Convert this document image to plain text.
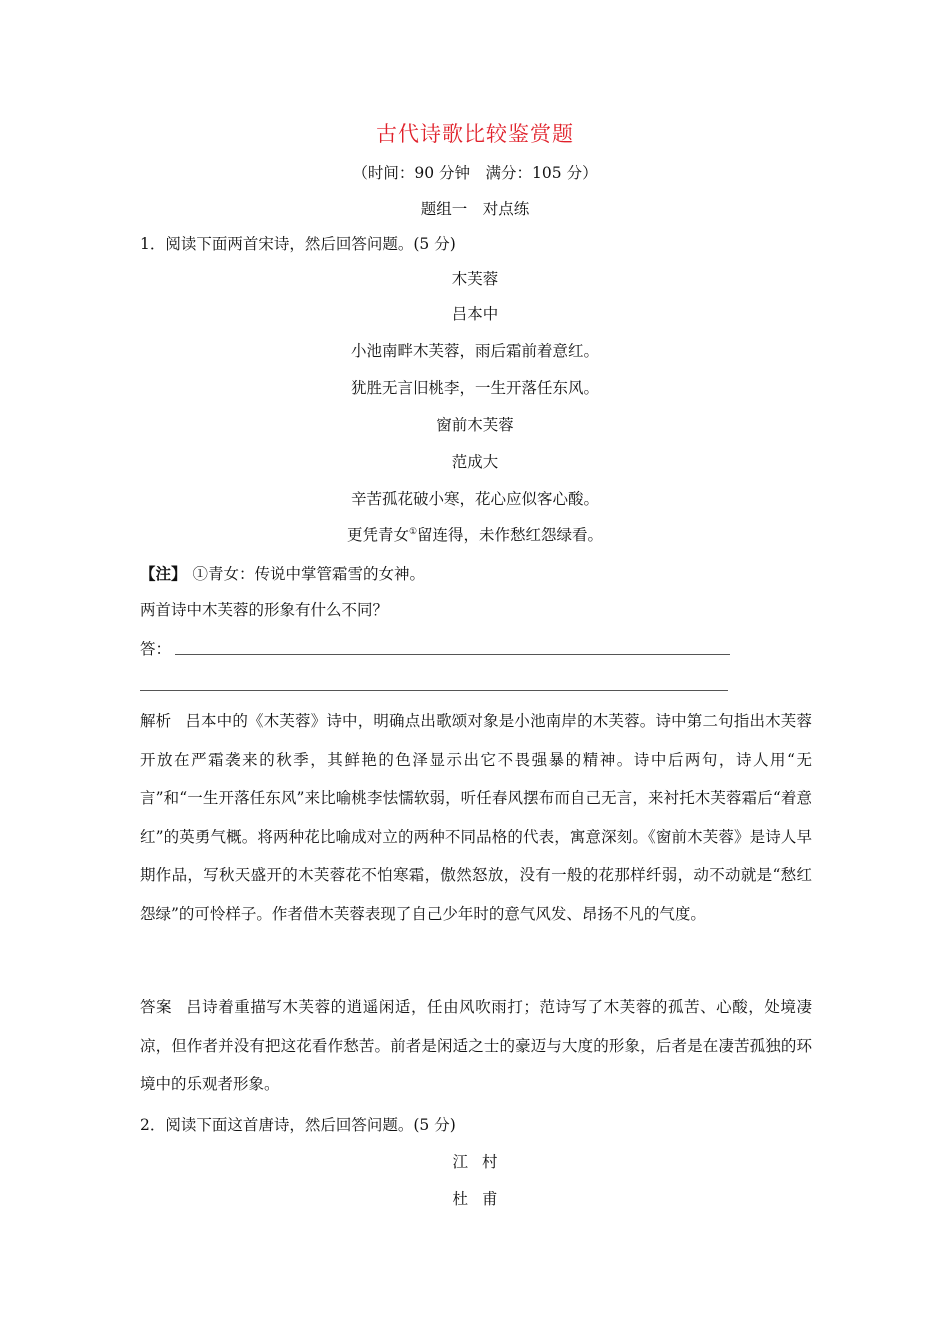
古代诗歌比较鉴赏题
（时间：90 分钟　满分：105 分）
题组一　对点练
1．阅读下面两首宋诗，然后回答问题。(5 分)
木芙蓉
吕本中
小池南畔木芙蓉，雨后霜前着意红。
犹胜无言旧桃李，一生开落任东风。
窗前木芙蓉
范成大
辛苦孤花破小寒，花心应似客心酸。
更凭青女①留连得，未作愁红怨绿看。
【注】 ①青女：传说中掌管霜雪的女神。
两首诗中木芙蓉的形象有什么不同？
答：
解析 吕本中的《木芙蓉》诗中，明确点出歌颂对象是小池南岸的木芙蓉。诗中第二句指出木芙蓉开放在严霜袭来的秋季，其鲜艳的色泽显示出它不畏强暴的精神。诗中后两句，诗人用“无言”和“一生开落任东风”来比喻桃李怯懦软弱，听任春风摆布而自己无言，来衬托木芙蓉霜后“着意红”的英勇气概。将两种花比喻成对立的两种不同品格的代表，寓意深刻。《窗前木芙蓉》是诗人早期作品，写秋天盛开的木芙蓉花不怕寒霜，傲然怒放，没有一般的花那样纤弱，动不动就是“愁红怨绿”的可怜样子。作者借木芙蓉表现了自己少年时的意气风发、昂扬不凡的气度。
答案 吕诗着重描写木芙蓉的逍遥闲适，任由风吹雨打；范诗写了木芙蓉的孤苦、心酸，处境凄凉，但作者并没有把这花看作愁苦。前者是闲适之士的豪迈与大度的形象，后者是在凄苦孤独的环境中的乐观者形象。
2．阅读下面这首唐诗，然后回答问题。(5 分)
江村
杜甫
